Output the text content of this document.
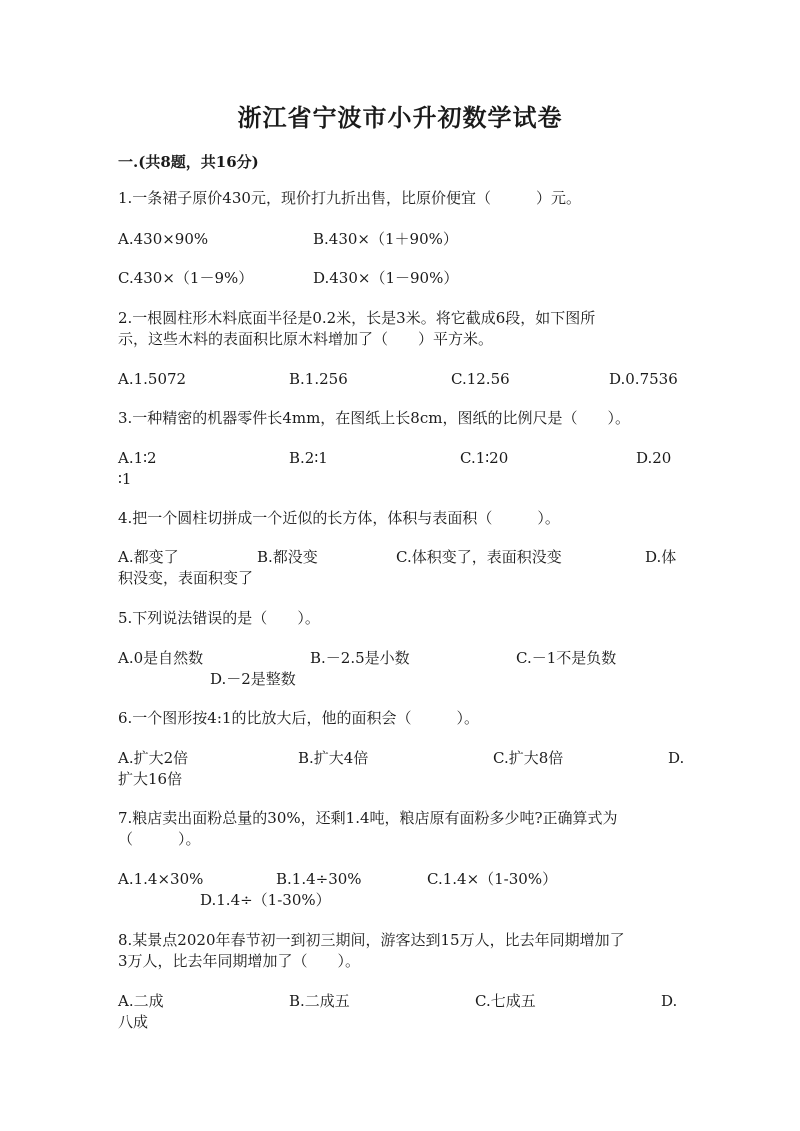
浙江省宁波市小升初数学试卷
一.(共8题，共16分)
1.一条裙子原价430元，现价打九折出售，比原价便宜（　　　）元。
A.430×90%	B.430×（1＋90%）
C.430×（1－9%）	D.430×（1－90%）
2.一根圆柱形木料底面半径是0.2米，长是3米。将它截成6段，如下图所
示，这些木料的表面积比原木料增加了（　　）平方米。
A.1.5072	B.1.256	C.12.56	D.0.7536
3.一种精密的机器零件长4mm，在图纸上长8cm，图纸的比例尺是（　　）。
A.1∶2	B.2∶1	C.1∶20	D.20
∶1
4.把一个圆柱切拼成一个近似的长方体，体积与表面积（　　　）。
A.都变了	B.都没变	C.体积变了，表面积没变	D.体
积没变，表面积变了
5.下列说法错误的是（　　）。
A.0是自然数	B.－2.5是小数	C.－1不是负数
D.－2是整数
6.一个图形按4:1的比放大后，他的面积会（　　　）。
A.扩大2倍	B.扩大4倍	C.扩大8倍	D.
扩大16倍
7.粮店卖出面粉总量的30%，还剩1.4吨，粮店原有面粉多少吨?正确算式为
（　　　）。
A.1.4×30%	B.1.4÷30%	C.1.4×（1-30%）
D.1.4÷（1-30%）
8.某景点2020年春节初一到初三期间，游客达到15万人，比去年同期增加了
3万人，比去年同期增加了（　　）。
A.二成	B.二成五	C.七成五	D.
八成
